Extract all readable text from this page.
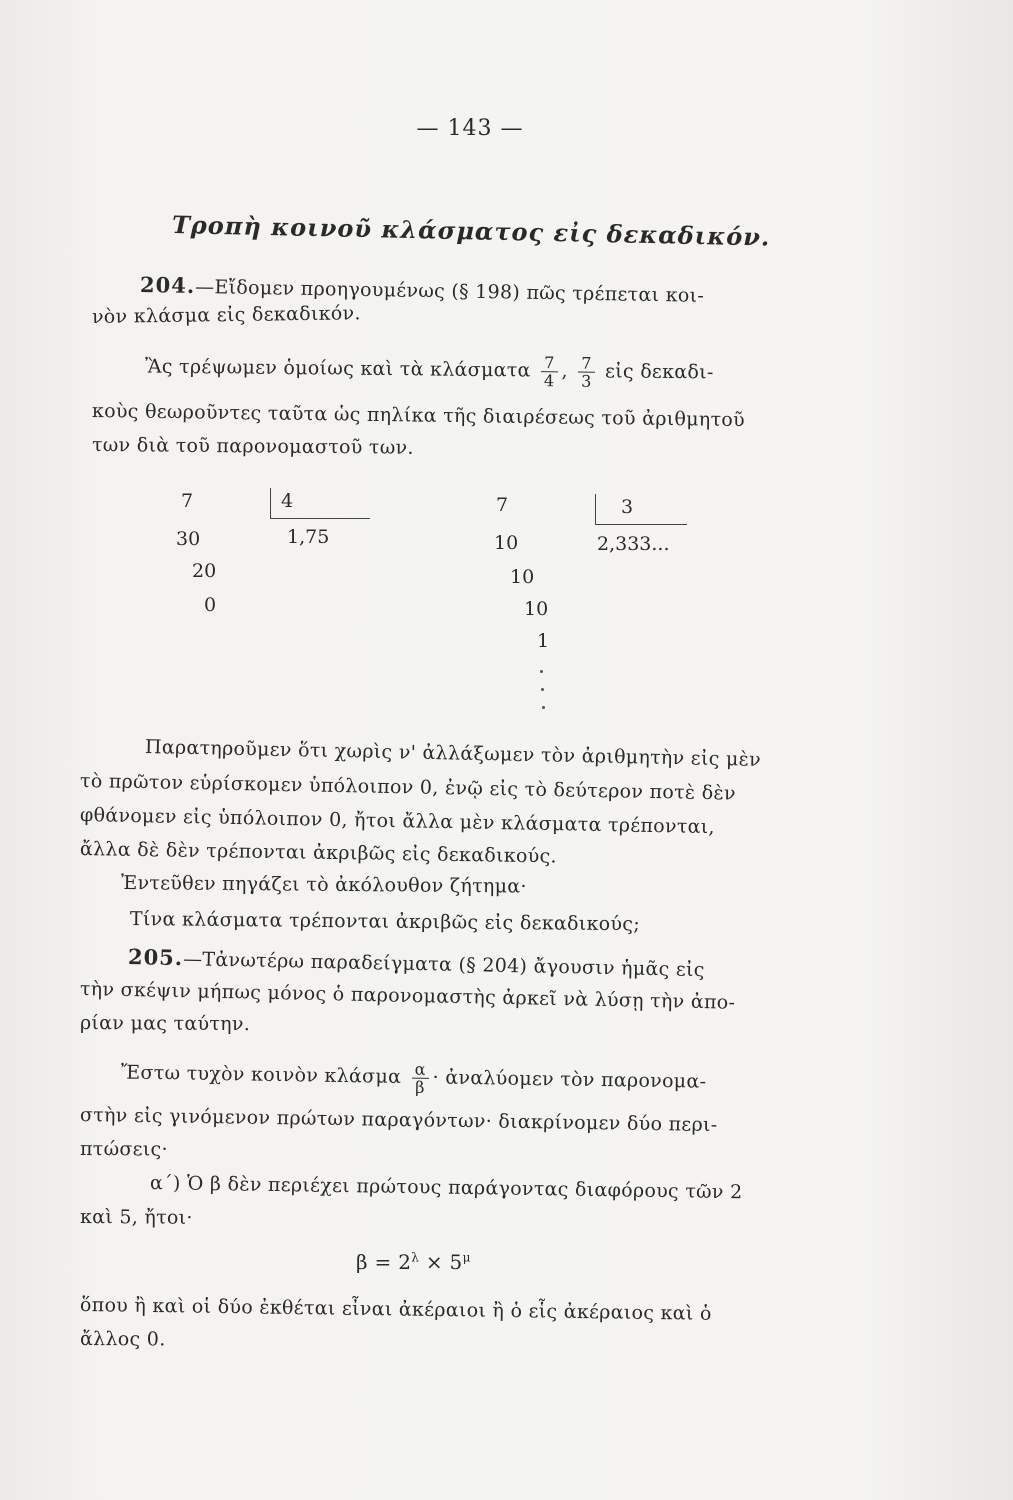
— 143 —
Τροπὴ κοινοῦ κλάσματος εἰς δεκαδικόν.
204.—Εἴδομεν προηγουμένως (§ 198) πῶς τρέπεται κοι-
νὸν κλάσμα εἰς δεκαδικόν.
Ἂς τρέψωμεν ὁμοίως καὶ τὰ κλάσματα $\frac{7}{4}$ , $\frac{7}{3}$ εἰς δεκαδι-
κοὺς θεωροῦντες ταῦτα ὡς πηλίκα τῆς διαιρέσεως τοῦ ἀριθμητοῦ
των διὰ τοῦ παρονομαστοῦ των.
7	4
1,75
30
20
0
7	3
2,333...
10
10
10
1
Παρατηροῦμεν ὅτι χωρὶς ν' ἀλλάξωμεν τὸν ἀριθμητὴν εἰς μὲν
τὸ πρῶτον εὑρίσκομεν ὑπόλοιπον 0, ἐνῷ εἰς τὸ δεύτερον ποτὲ δὲν
φθάνομεν εἰς ὑπόλοιπον 0, ἤτοι ἄλλα μὲν κλάσματα τρέπονται,
ἄλλα δὲ δὲν τρέπονται ἀκριβῶς εἰς δεκαδικούς.
Ἐντεῦθεν πηγάζει τὸ ἀκόλουθον ζήτημα·
Τίνα κλάσματα τρέπονται ἀκριβῶς εἰς δεκαδικούς;
205.—Τἀνωτέρω παραδείγματα (§ 204) ἄγουσιν ἡμᾶς εἰς
τὴν σκέψιν μήπως μόνος ὁ παρονομαστὴς ἀρκεῖ νὰ λύσῃ τὴν ἀπο-
ρίαν μας ταύτην.
Ἔστω τυχὸν κοινὸν κλάσμα $\frac{\alpha}{\beta}$ · ἀναλύομεν τὸν παρονομα-
στὴν εἰς γινόμενον πρώτων παραγόντων· διακρίνομεν δύο περι-
πτώσεις·
α΄) Ὁ β δὲν περιέχει πρώτους παράγοντας διαφόρους τῶν 2
καὶ 5, ἤτοι·
$\beta = 2^\lambda \times 5^\mu$
ὅπου ἢ καὶ οἱ δύο ἐκθέται εἶναι ἀκέραιοι ἢ ὁ εἷς ἀκέραιος καὶ ὁ
ἄλλος 0.
